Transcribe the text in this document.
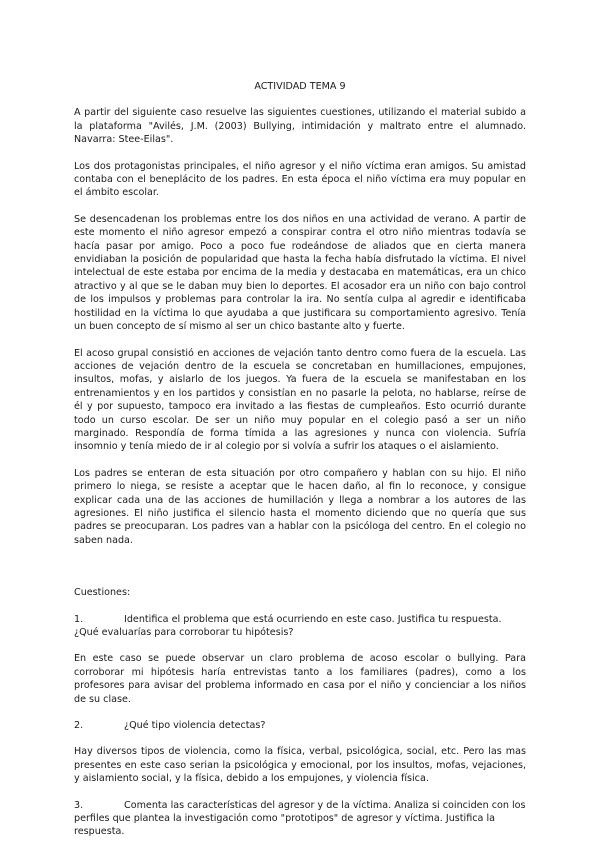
ACTIVIDAD TEMA 9

A partir del siguiente caso resuelve las siguientes cuestiones, utilizando el material subido a la plataforma "Avilés, J.M. (2003) Bullying, intimidación y maltrato entre el alumnado. Navarra: Stee-Eilas".

Los dos protagonistas principales, el niño agresor y el niño víctima eran amigos. Su amistad contaba con el beneplácito de los padres. En esta época el niño víctima era muy popular en el ámbito escolar.

Se desencadenan los problemas entre los dos niños en una actividad de verano. A partir de este momento el niño agresor empezó a conspirar contra el otro niño mientras todavía se hacía pasar por amigo. Poco a poco fue rodeándose de aliados que en cierta manera envidiaban la posición de popularidad que hasta la fecha había disfrutado la víctima. El nivel intelectual de este estaba por encima de la media y destacaba en matemáticas, era un chico atractivo y al que se le daban muy bien lo deportes. El acosador era un niño con bajo control de los impulsos y problemas para controlar la ira. No sentía culpa al agredir e identificaba hostilidad en la víctima lo que ayudaba a que justificara su comportamiento agresivo. Tenía un buen concepto de sí mismo al ser un chico bastante alto y fuerte.

El acoso grupal consistió en acciones de vejación tanto dentro como fuera de la escuela. Las acciones de vejación dentro de la escuela se concretaban en humillaciones, empujones, insultos, mofas, y aislarlo de los juegos. Ya fuera de la escuela se manifestaban en los entrenamientos y en los partidos y consistían en no pasarle la pelota, no hablarse, reírse de él y por supuesto, tampoco era invitado a las fiestas de cumpleaños. Esto ocurrió durante todo un curso escolar. De ser un niño muy popular en el colegio pasó a ser un niño marginado. Respondía de forma tímida a las agresiones y nunca con violencia. Sufría insomnio y tenía miedo de ir al colegio por si volvía a sufrir los ataques o el aislamiento.

Los padres se enteran de esta situación por otro compañero y hablan con su hijo. El niño primero lo niega, se resiste a aceptar que le hacen daño, al fin lo reconoce, y consigue explicar cada una de las acciones de humillación y llega a nombrar a los autores de las agresiones. El niño justifica el silencio hasta el momento diciendo que no quería que sus padres se preocuparan. Los padres van a hablar con la psicóloga del centro. En el colegio no saben nada.

Cuestiones:

1.	Identifica el problema que está ocurriendo en este caso. Justifica tu respuesta. ¿Qué evaluarías para corroborar tu hipótesis?

En este caso se puede observar un claro problema de acoso escolar o bullying. Para corroborar mi hipótesis haría entrevistas tanto a los familiares (padres), como a los profesores para avisar del problema informado en casa por el niño y concienciar a los niños de su clase.

2.	¿Qué tipo violencia detectas?

Hay diversos tipos de violencia, como la física, verbal, psicológica, social, etc. Pero las mas presentes en este caso serian la psicológica y emocional, por los insultos, mofas, vejaciones, y aislamiento social, y la física, debido a los empujones, y violencia física.

3.	Comenta las características del agresor y de la víctima. Analiza si coinciden con los perfiles que plantea la investigación como "prototipos" de agresor y víctima. Justifica la respuesta.
